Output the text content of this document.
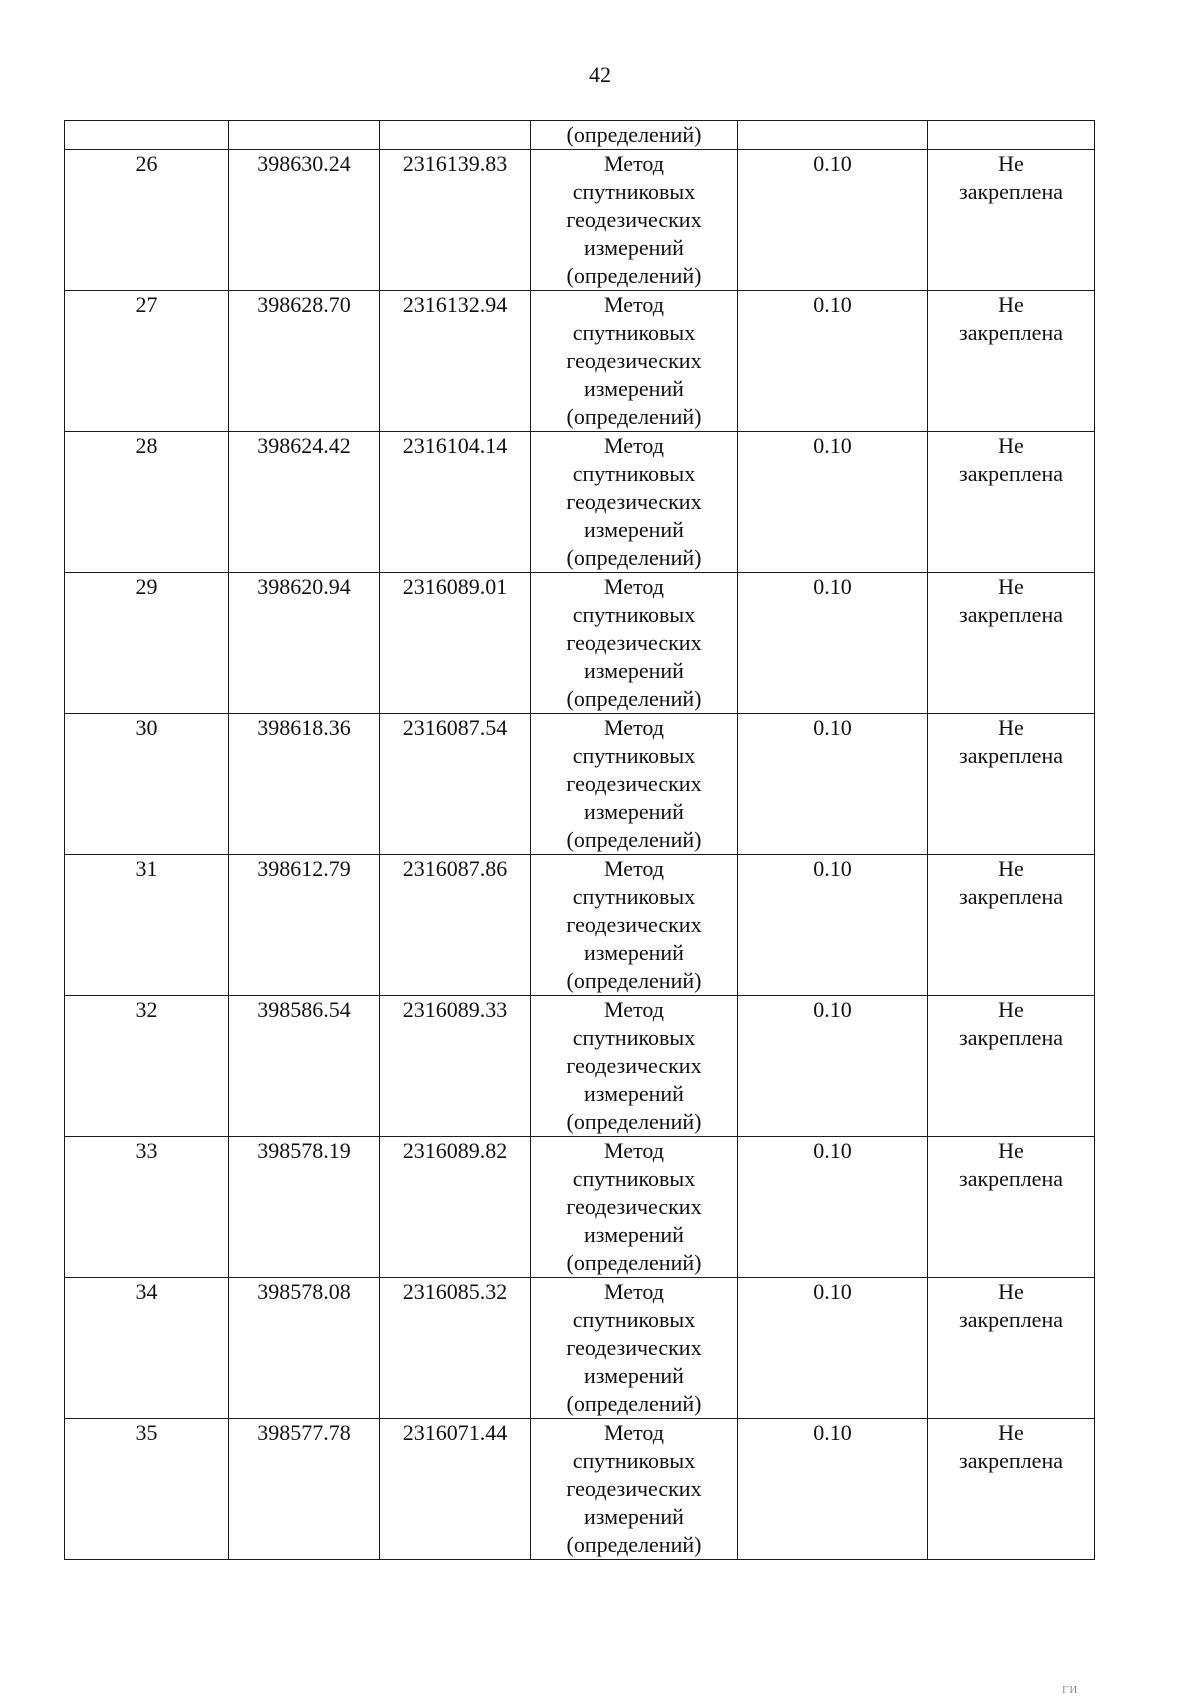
42
			(определений)		
26	398630.24	2316139.83	Метод
спутниковых
геодезических
измерений
(определений)	0.10	Не
закреплена

27	398628.70	2316132.94	Метод
спутниковых
геодезических
измерений
(определений)	0.10	Не
закреплена

28	398624.42	2316104.14	Метод
спутниковых
геодезических
измерений
(определений)	0.10	Не
закреплена

29	398620.94	2316089.01	Метод
спутниковых
геодезических
измерений
(определений)	0.10	Не
закреплена

30	398618.36	2316087.54	Метод
спутниковых
геодезических
измерений
(определений)	0.10	Не
закреплена

31	398612.79	2316087.86	Метод
спутниковых
геодезических
измерений
(определений)	0.10	Не
закреплена

32	398586.54	2316089.33	Метод
спутниковых
геодезических
измерений
(определений)	0.10	Не
закреплена

33	398578.19	2316089.82	Метод
спутниковых
геодезических
измерений
(определений)	0.10	Не
закреплена

34	398578.08	2316085.32	Метод
спутниковых
геодезических
измерений
(определений)	0.10	Не
закреплена

35	398577.78	2316071.44	Метод
спутниковых
геодезических
измерений
(определений)	0.10	Не
закреплена
ГИ
